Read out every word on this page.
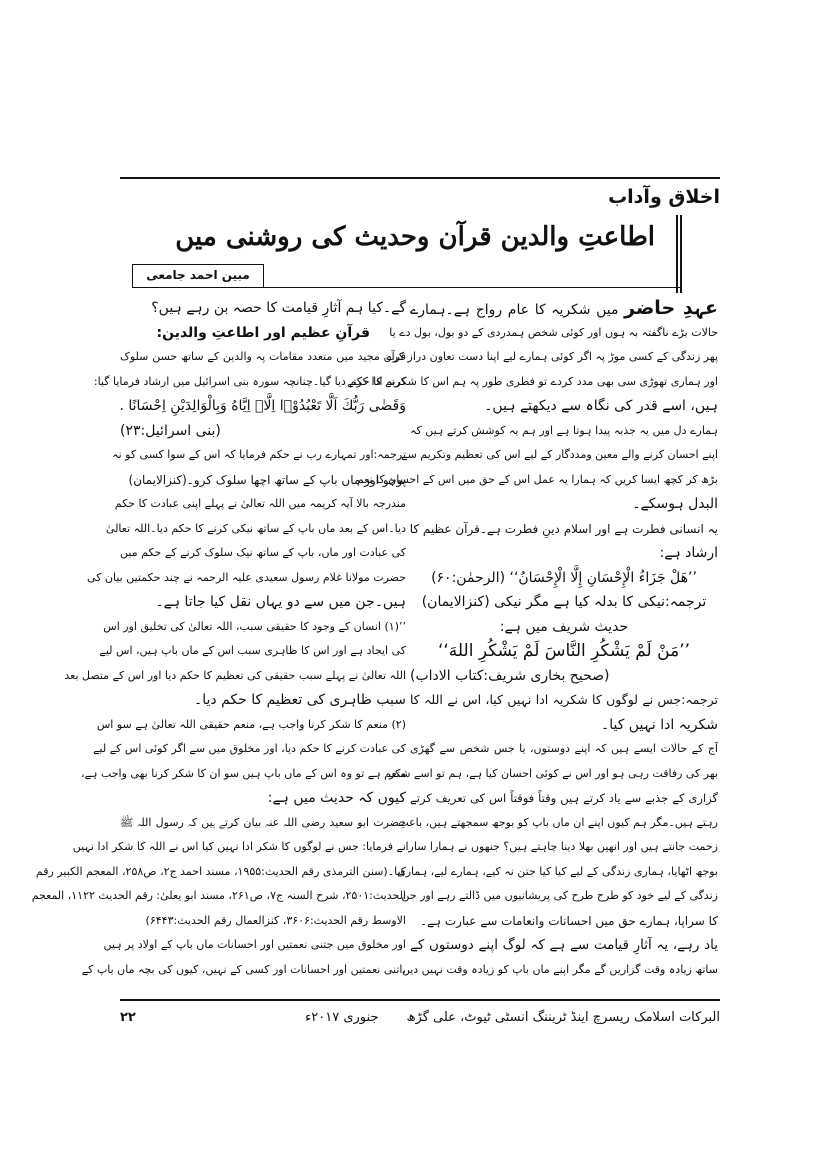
اخلاق وآداب
اطاعتِ والدین قرآن وحدیث کی روشنی میں
مبین احمد جامعی
عہدِ حاضر میں شکریہ کا عام رواج ہے۔ہمارے
حالات بڑے ناگفتہ بہ ہوں اور کوئی شخص ہمدردی کے دو بول، بول دے یا
پھر زندگی کے کسی موڑ پہ اگر کوئی ہمارے لیے اپنا دست تعاون دراز کرے
اور ہماری تھوڑی سی بھی مدد کردے تو فطری طور پہ ہم اس کا شکریہ ادا کرتے
ہیں، اسے قدر کی نگاہ سے دیکھتے ہیں۔
ہمارے دل میں یہ جذبہ پیدا ہوتا ہے اور ہم یہ کوشش کرتے ہیں کہ
اپنے احسان کرنے والے معین ومددگار کے لیے اس کی تعظیم وتکریم سے
بڑھ کر کچھ ایسا کریں کہ ہمارا یہ عمل اس کے حق میں اس کے احسان کا نعم
البدل ہوسکے۔
یہ انسانی فطرت ہے اور اسلام دینِ فطرت ہے۔قرآن عظیم کا
ارشاد ہے:
’’هَلْ جَزَاءُ الْإِحْسَانِ إِلَّا الْإِحْسَانُ‘‘ (الرحمٰن:۶۰)
ترجمہ:نیکی کا بدلہ کیا ہے مگر نیکی (کنزالایمان)
حدیث شریف میں ہے:
’’مَنْ لَمْ يَشْكُرِ النَّاسَ لَمْ يَشْكُرِ اللهَ‘‘
(صحیح بخاری شریف:کتاب الاداب)
ترجمہ:جس نے لوگوں کا شکریہ ادا نہیں کیا، اس نے اللہ کا
شکریہ ادا نہیں کیا۔
آج کے حالات ایسے ہیں کہ اپنے دوستوں، یا جس شخص سے گھڑی
بھر کی رفاقت رہی ہو اور اس نے کوئی احسان کیا ہے، ہم تو اسے شکر
گزاری کے جذبے سے یاد کرتے ہیں وقتاً فوقتاً اس کی تعریف کرتے
رہتے ہیں۔مگر ہم کیوں اپنے ان ماں باپ کو بوجھ سمجھتے ہیں، باعثِ
زحمت جانتے ہیں اور انھیں بھلا دینا چاہتے ہیں؟ جنھوں نے ہمارا سارا
بوجھ اٹھایا، ہماری زندگی کے لیے کیا کیا جتن نہ کیے، ہمارے لیے، ہماری
زندگی کے لیے خود کو طرح طرح کی پریشانیوں میں ڈالتے رہے اور جن
کا سراپا، ہمارے حق میں احسانات وانعامات سے عبارت ہے۔
یاد رہے، یہ آثارِ قیامت سے ہے کہ لوگ اپنے دوستوں کے
ساتھ زیادہ وقت گزاریں گے مگر اپنے ماں باپ کو زیادہ وقت نہیں دیں
گے۔کیا ہم آثارِ قیامت کا حصہ بن رہے ہیں؟
قرآنِ عظیم اور اطاعتِ والدین:
قرآن مجید میں متعدد مقامات پہ والدین کے ساتھ حسن سلوک
کرنے کا حکم دیا گیا۔چنانچہ سورہ بنی اسرائیل میں ارشاد فرمایا گیا:
وَقَضٰى رَبُّكَ اَلَّا تَعْبُدُوْۤا اِلَّاۤ اِیَّاهُ وَبِالْوَالِدَیْنِ اِحْسَانًا .
(بنی اسرائیل:۲۳)
ترجمہ:اور تمہارے رب نے حکم فرمایا کہ اس کے سوا کسی کو نہ
پوجو اور ماں باپ کے ساتھ اچھا سلوک کرو۔(کنزالایمان)
مندرجہ بالا آیہ کریمہ میں اللہ تعالیٰ نے پہلے اپنی عبادت کا حکم
دیا۔اس کے بعد ماں باپ کے ساتھ نیکی کرنے کا حکم دیا۔اللہ تعالیٰ
کی عبادت اور ماں، باپ کے ساتھ نیک سلوک کرنے کے حکم میں
حضرت مولانا غلام رسول سعیدی علیہ الرحمہ نے چند حکمتیں بیان کی
ہیں۔جن میں سے دو یہاں نقل کیا جاتا ہے۔
’’(۱) انسان کے وجود کا حقیقی سبب، اللہ تعالیٰ کی تخلیق اور اس
کی ایجاد ہے اور اس کا ظاہری سبب اس کے ماں باپ ہیں، اس لیے
اللہ تعالیٰ نے پہلے سبب حقیقی کی تعظیم کا حکم دیا اور اس کے متصل بعد
سبب ظاہری کی تعظیم کا حکم دیا۔
(۲) منعم کا شکر کرنا واجب ہے، منعم حقیقی اللہ تعالیٰ ہے سو اس
کی عبادت کرنے کا حکم دیا، اور مخلوق میں سے اگر کوئی اس کے لیے
منعم ہے تو وہ اس کے ماں باپ ہیں سو ان کا شکر کرنا بھی واجب ہے،
کیوں کہ حدیث میں ہے:
حضرت ابو سعید رضی اللہ عنہ بیان کرتے ہیں کہ رسول اللہ ﷺ
نے فرمایا: جس نے لوگوں کا شکر ادا نہیں کیا اس نے اللہ کا شکر ادا نہیں
کیا۔(سنن الترمذی رقم الحدیث:۱۹۵۵، مسند احمد ج۲، ص۲۵۸، المعجم الکبیر رقم
الحدیث:۲۵۰۱، شرح السنہ ج۷، ص۲۶۱، مسند ابو یعلیٰ: رقم الحدیث ۱۱۲۲، المعجم
الاوسط رقم الحدیث:۳۶۰۶، کنزالعمال رقم الحدیث:۶۴۴۳)
اور مخلوق میں جتنی نعمتیں اور احسانات ماں باپ کے اولاد پر ہیں
،اتنی نعمتیں اور احسانات اور کسی کے نہیں، کیوں کی بچہ ماں باپ کے
البرکات اسلامک ریسرچ اینڈ ٹریننگ انسٹی ٹیوٹ، علی گڑھ
جنوری ۲۰۱۷ء
۲۲
